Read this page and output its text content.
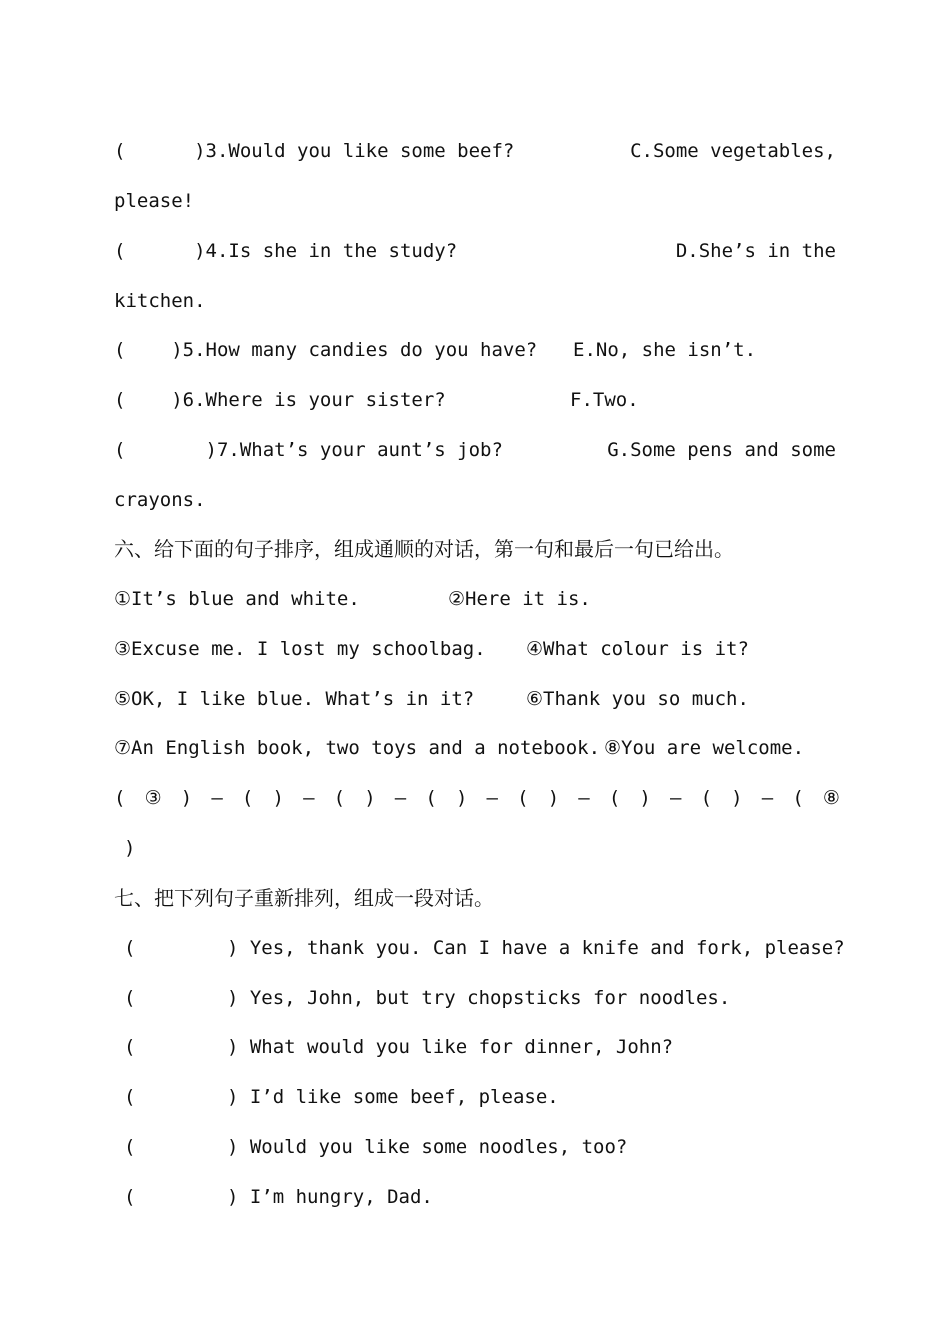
(      )3.Would you like some beef?	C.Some vegetables,
please!
(      )4.Is she in the study?	D.She’s in the
kitchen.
(    )5.How many candies do you have? E.No, she isn’t.
(    )6.Where is your sister?	F.Two.
(       )7.What’s your aunt’s job?	G.Some pens and some
crayons.
六、给下面的句子排序，组成通顺的对话，第一句和最后一句已给出。
①It’s blue and white.	②Here it is.
③Excuse me. I lost my schoolbag. ④What colour is it?
⑤OK, I like blue. What’s in it?	⑥Thank you so much.
⑦An English book, two toys and a notebook. ⑧You are welcome.
( ③ ) — ( ) — ( ) — ( ) — ( ) — ( ) — ( ) — ( ⑧
)
七、把下列句子重新排列，组成一段对话。
(        ) Yes, thank you. Can I have a knife and fork, please?
(        ) Yes, John, but try chopsticks for noodles.
(        ) What would you like for dinner, John?
(        ) I’d like some beef, please.
(        ) Would you like some noodles, too?
(        ) I’m hungry, Dad.
